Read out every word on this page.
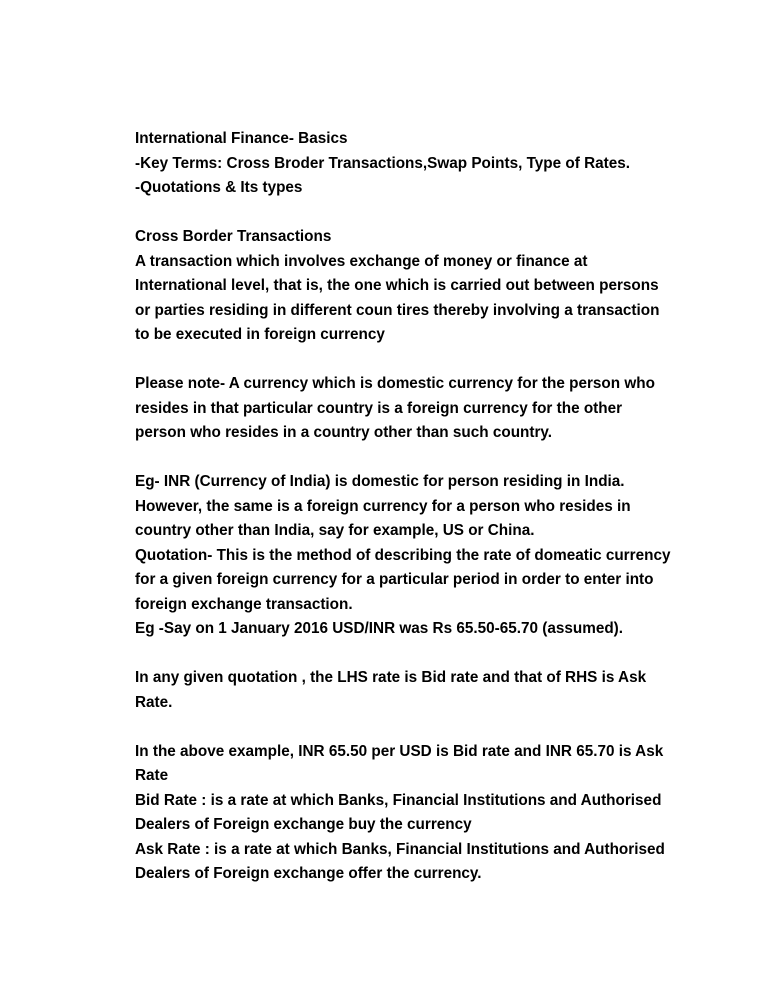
International Finance- Basics
-Key Terms: Cross Broder Transactions,Swap Points, Type of Rates.
-Quotations & Its types
Cross Border Transactions
A transaction which involves exchange of money or finance at
International level, that is, the one which is carried out between persons
or parties residing in different coun tires thereby involving a transaction
to be executed in foreign currency
Please note- A currency which is domestic currency for the person who
resides in that particular country is a foreign currency for the other
person who resides in a country other than such country.
Eg- INR (Currency of India) is domestic for person residing in India.
However, the same is a foreign currency for a person who resides in
country other than India, say for example, US or China.
Quotation- This is the method of describing the rate of domeatic currency
for a given foreign currency for a particular period in order to enter into
foreign exchange transaction.
Eg -Say on 1 January 2016 USD/INR was Rs 65.50-65.70 (assumed).
In any given quotation , the LHS rate is Bid rate and that of RHS is Ask
Rate.
In the above example, INR 65.50 per USD is Bid rate and INR 65.70 is Ask
Rate
Bid Rate : is a rate at which Banks, Financial Institutions and Authorised
Dealers of Foreign exchange buy the currency
Ask Rate : is a rate at which Banks, Financial Institutions and Authorised
Dealers of Foreign exchange offer the currency.
